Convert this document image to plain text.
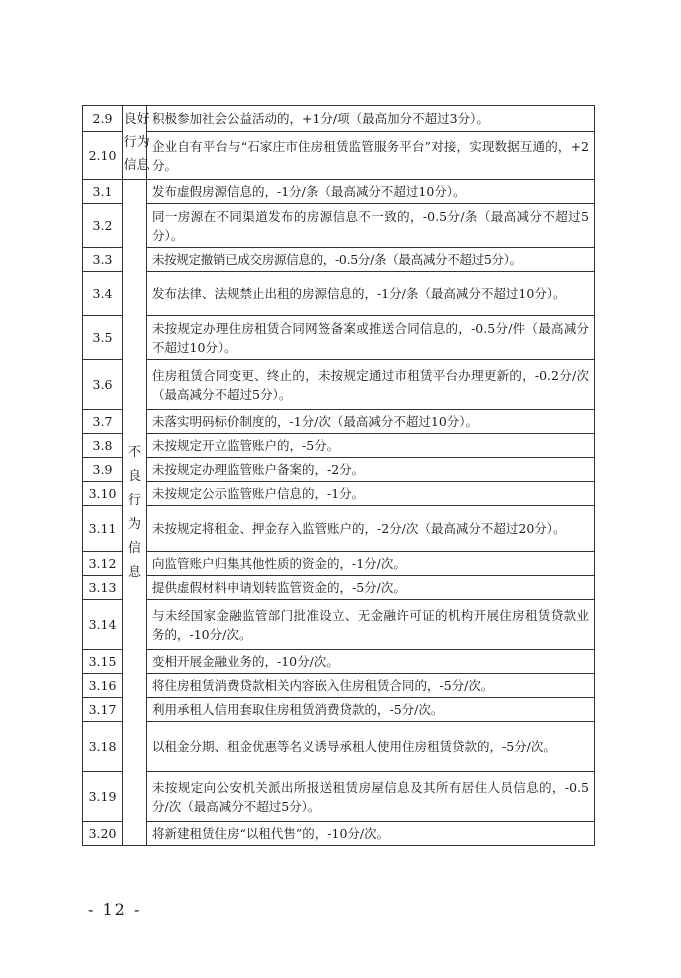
2.9	良好行为信息	积极参加社会公益活动的，+1分/项（最高加分不超过3分）。
2.10		企业自有平台与“石家庄市住房租赁监管服务平台”对接，实现数据互通的，+2分。
3.1	不良行为信息	发布虚假房源信息的，-1分/条（最高减分不超过10分）。
3.2		同一房源在不同渠道发布的房源信息不一致的，-0.5分/条（最高减分不超过5分）。
3.3		未按规定撤销已成交房源信息的，-0.5分/条（最高减分不超过5分）。
3.4		发布法律、法规禁止出租的房源信息的，-1分/条（最高减分不超过10分）。
3.5		未按规定办理住房租赁合同网签备案或推送合同信息的，-0.5分/件（最高减分不超过10分）。
3.6		住房租赁合同变更、终止的，未按规定通过市租赁平台办理更新的，-0.2分/次（最高减分不超过5分）。
3.7		未落实明码标价制度的，-1分/次（最高减分不超过10分）。
3.8		未按规定开立监管账户的，-5分。
3.9		未按规定办理监管账户备案的，-2分。
3.10		未按规定公示监管账户信息的，-1分。
3.11		未按规定将租金、押金存入监管账户的，-2分/次（最高减分不超过20分）。
3.12		向监管账户归集其他性质的资金的，-1分/次。
3.13		提供虚假材料申请划转监管资金的，-5分/次。
3.14		与未经国家金融监管部门批准设立、无金融许可证的机构开展住房租赁贷款业务的，-10分/次。
3.15		变相开展金融业务的，-10分/次。
3.16		将住房租赁消费贷款相关内容嵌入住房租赁合同的，-5分/次。
3.17		利用承租人信用套取住房租赁消费贷款的，-5分/次。
3.18		以租金分期、租金优惠等名义诱导承租人使用住房租赁贷款的，-5分/次。
3.19		未按规定向公安机关派出所报送租赁房屋信息及其所有居住人员信息的，-0.5分/次（最高减分不超过5分）。
3.20		将新建租赁住房“以租代售”的，-10分/次。
- 12 -
